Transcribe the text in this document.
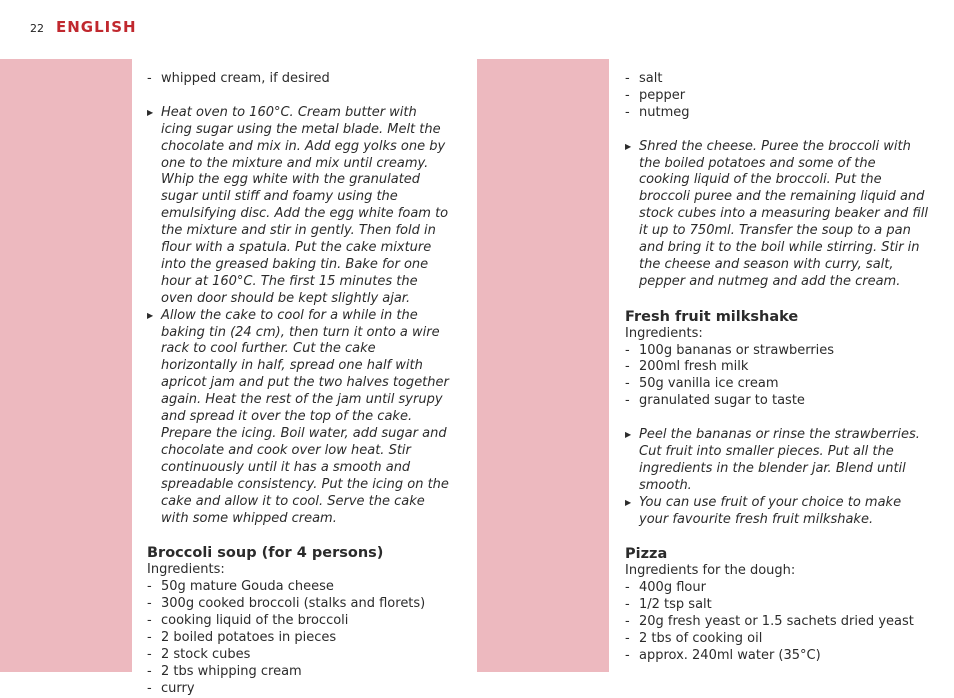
22 ENGLISH
- whipped cream, if desired
▶ Heat oven to 160°C. Cream butter with icing sugar using the metal blade. Melt the chocolate and mix in. Add egg yolks one by one to the mixture and mix until creamy. Whip the egg white with the granulated sugar until stiff and foamy using the emulsifying disc. Add the egg white foam to the mixture and stir in gently. Then fold in flour with a spatula. Put the cake mixture into the greased baking tin. Bake for one hour at 160°C. The first 15 minutes the oven door should be kept slightly ajar.
▶ Allow the cake to cool for a while in the baking tin (24 cm), then turn it onto a wire rack to cool further. Cut the cake horizontally in half, spread one half with apricot jam and put the two halves together again. Heat the rest of the jam until syrupy and spread it over the top of the cake. Prepare the icing. Boil water, add sugar and chocolate and cook over low heat. Stir continuously until it has a smooth and spreadable consistency. Put the icing on the cake and allow it to cool. Serve the cake with some whipped cream.
Broccoli soup (for 4 persons)
Ingredients:
- 50g mature Gouda cheese
- 300g cooked broccoli (stalks and florets)
- cooking liquid of the broccoli
- 2 boiled potatoes in pieces
- 2 stock cubes
- 2 tbs whipping cream
- curry
- salt
- pepper
- nutmeg
▶ Shred the cheese. Puree the broccoli with the boiled potatoes and some of the cooking liquid of the broccoli. Put the broccoli puree and the remaining liquid and stock cubes into a measuring beaker and fill it up to 750ml. Transfer the soup to a pan and bring it to the boil while stirring. Stir in the cheese and season with curry, salt, pepper and nutmeg and add the cream.
Fresh fruit milkshake
Ingredients:
- 100g bananas or strawberries
- 200ml fresh milk
- 50g vanilla ice cream
- granulated sugar to taste
▶ Peel the bananas or rinse the strawberries. Cut fruit into smaller pieces. Put all the ingredients in the blender jar. Blend until smooth.
▶ You can use fruit of your choice to make your favourite fresh fruit milkshake.
Pizza
Ingredients for the dough:
- 400g flour
- 1/2 tsp salt
- 20g fresh yeast or 1.5 sachets dried yeast
- 2 tbs of cooking oil
- approx. 240ml water (35°C)
